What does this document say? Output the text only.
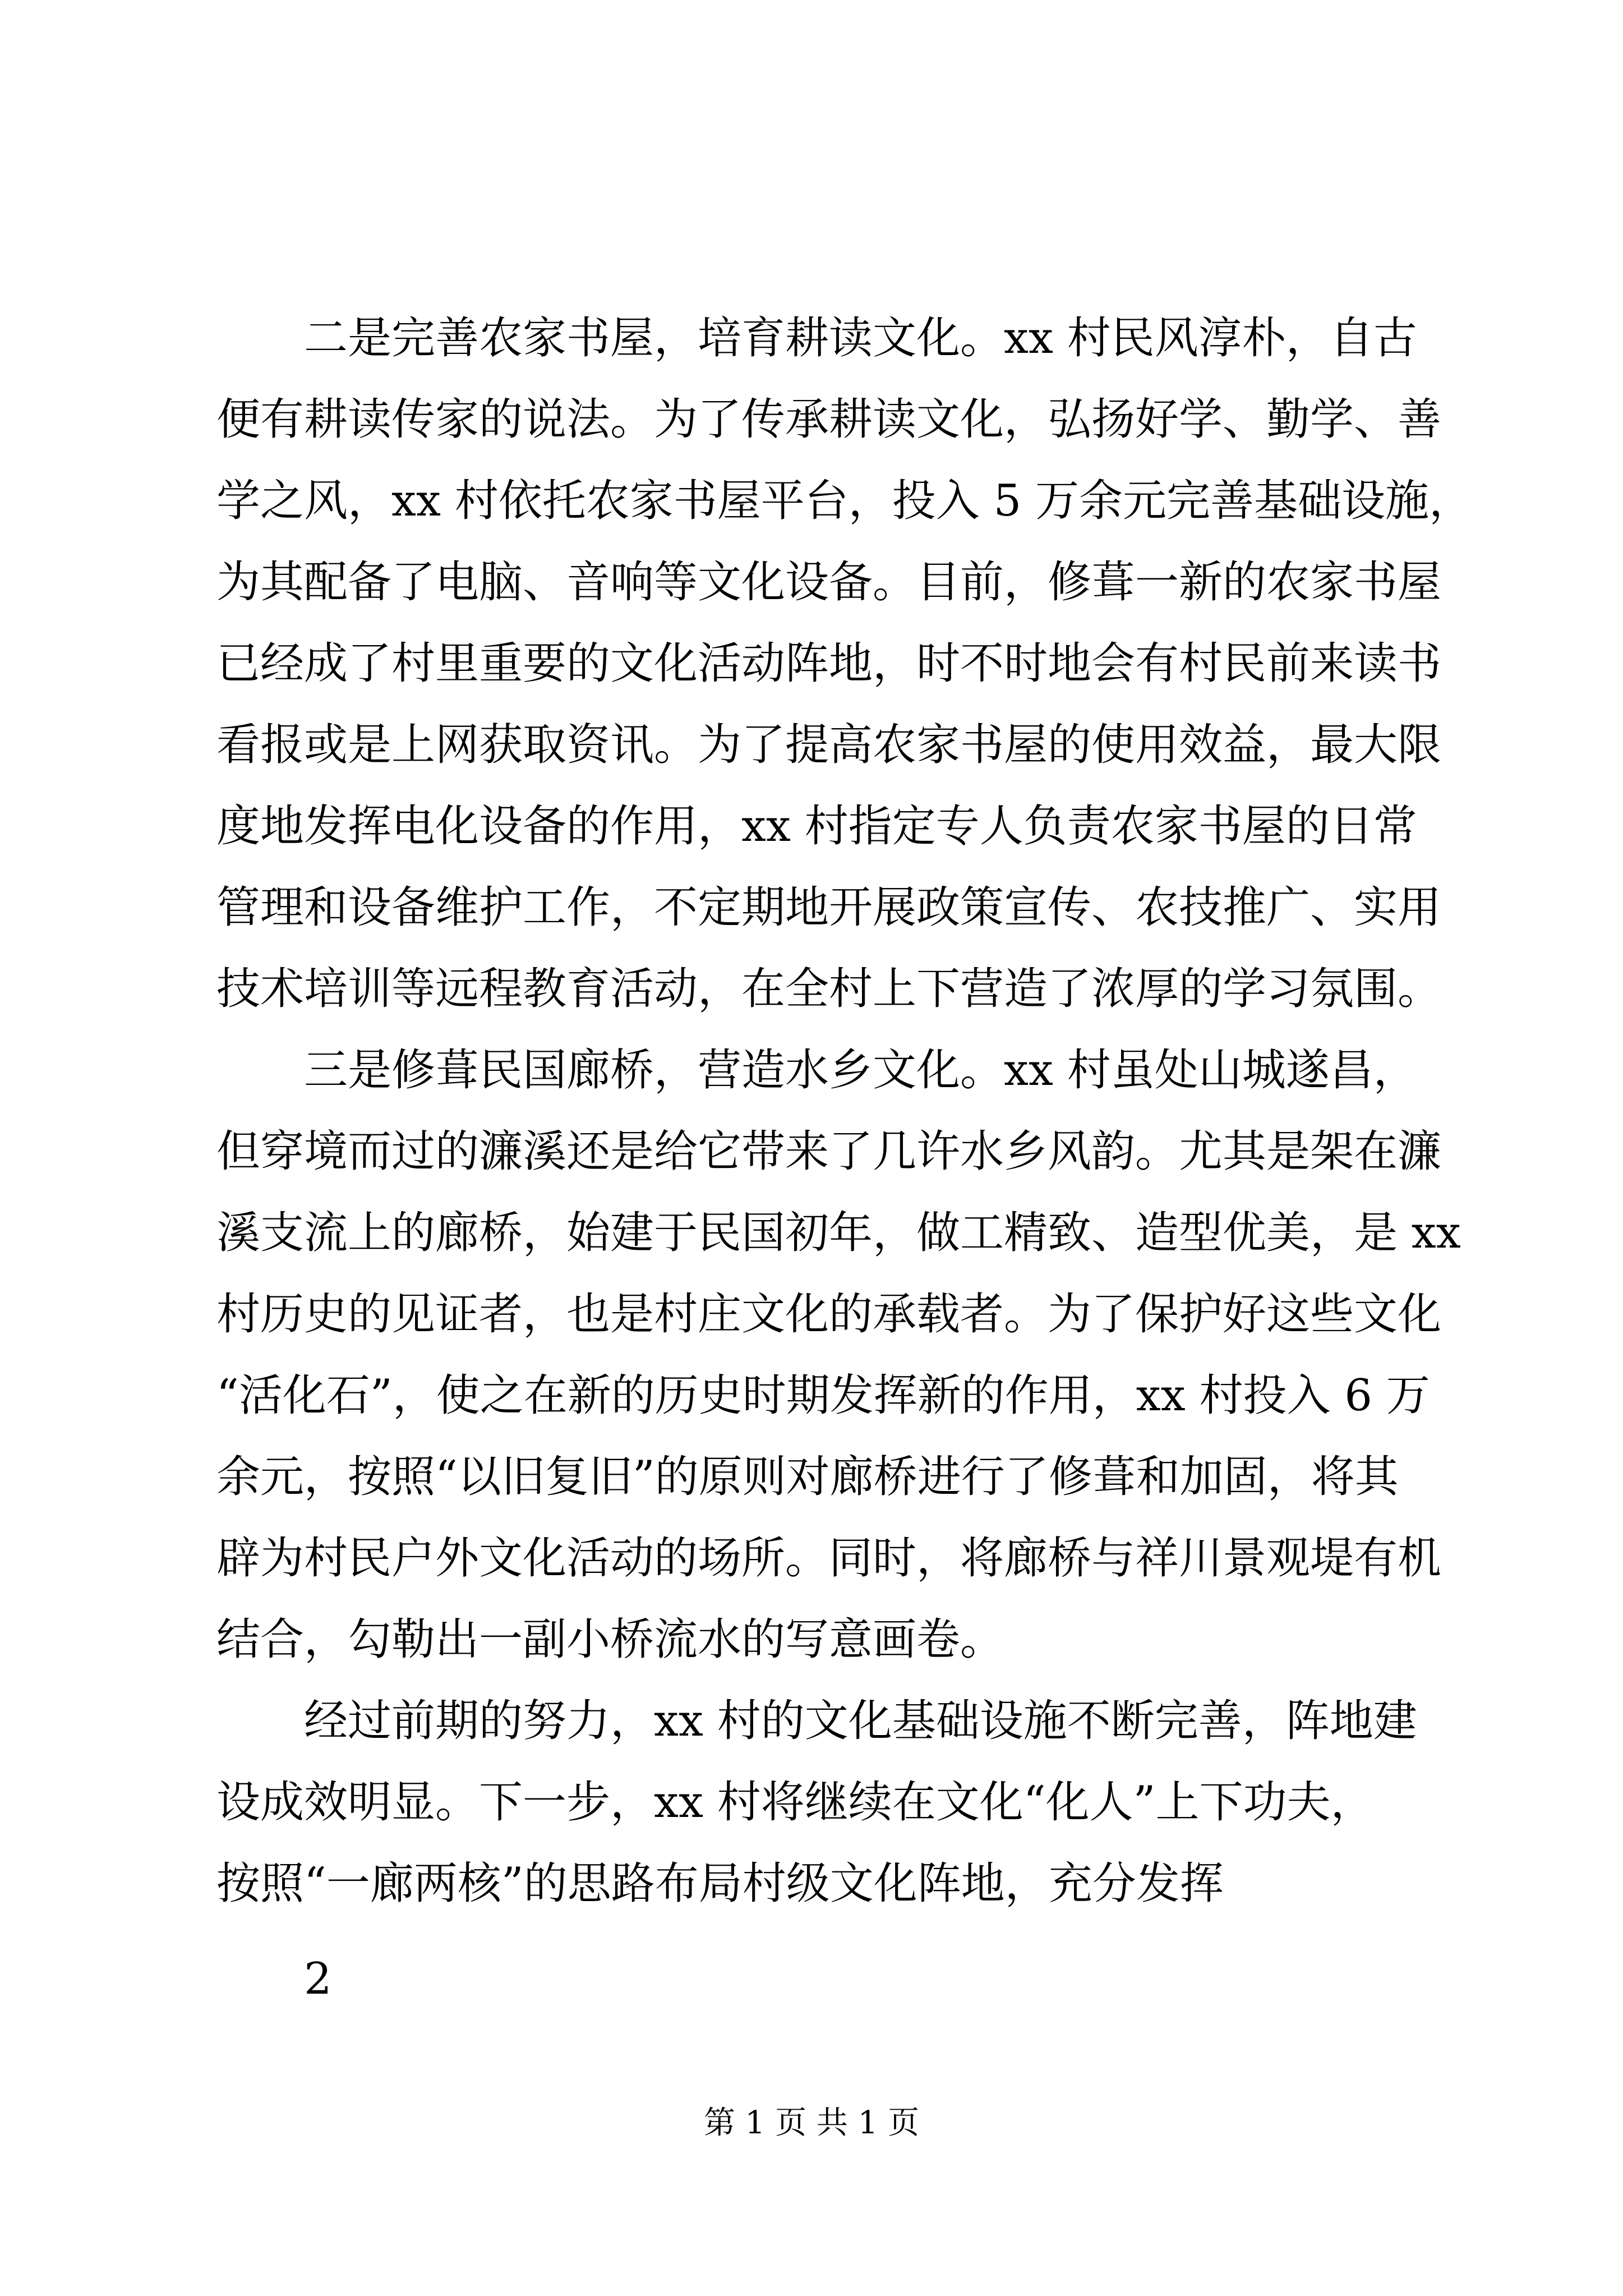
二是完善农家书屋，培育耕读文化。xx 村民风淳朴，自古
便有耕读传家的说法。为了传承耕读文化，弘扬好学、勤学、善
学之风，xx 村依托农家书屋平台，投入 5 万余元完善基础设施，
为其配备了电脑、音响等文化设备。目前，修葺一新的农家书屋
已经成了村里重要的文化活动阵地，时不时地会有村民前来读书
看报或是上网获取资讯。为了提高农家书屋的使用效益，最大限
度地发挥电化设备的作用，xx 村指定专人负责农家书屋的日常
管理和设备维护工作，不定期地开展政策宣传、农技推广、实用
技术培训等远程教育活动，在全村上下营造了浓厚的学习氛围。
三是修葺民国廊桥，营造水乡文化。xx 村虽处山城遂昌，
但穿境而过的濂溪还是给它带来了几许水乡风韵。尤其是架在濂
溪支流上的廊桥，始建于民国初年，做工精致、造型优美，是 xx
村历史的见证者，也是村庄文化的承载者。为了保护好这些文化
“活化石”，使之在新的历史时期发挥新的作用，xx 村投入 6 万
余元，按照“以旧复旧”的原则对廊桥进行了修葺和加固，将其
辟为村民户外文化活动的场所。同时，将廊桥与祥川景观堤有机
结合，勾勒出一副小桥流水的写意画卷。
经过前期的努力，xx 村的文化基础设施不断完善，阵地建
设成效明显。下一步，xx 村将继续在文化“化人”上下功夫，
按照“一廊两核”的思路布局村级文化阵地，充分发挥
2
第 1 页 共 1 页
